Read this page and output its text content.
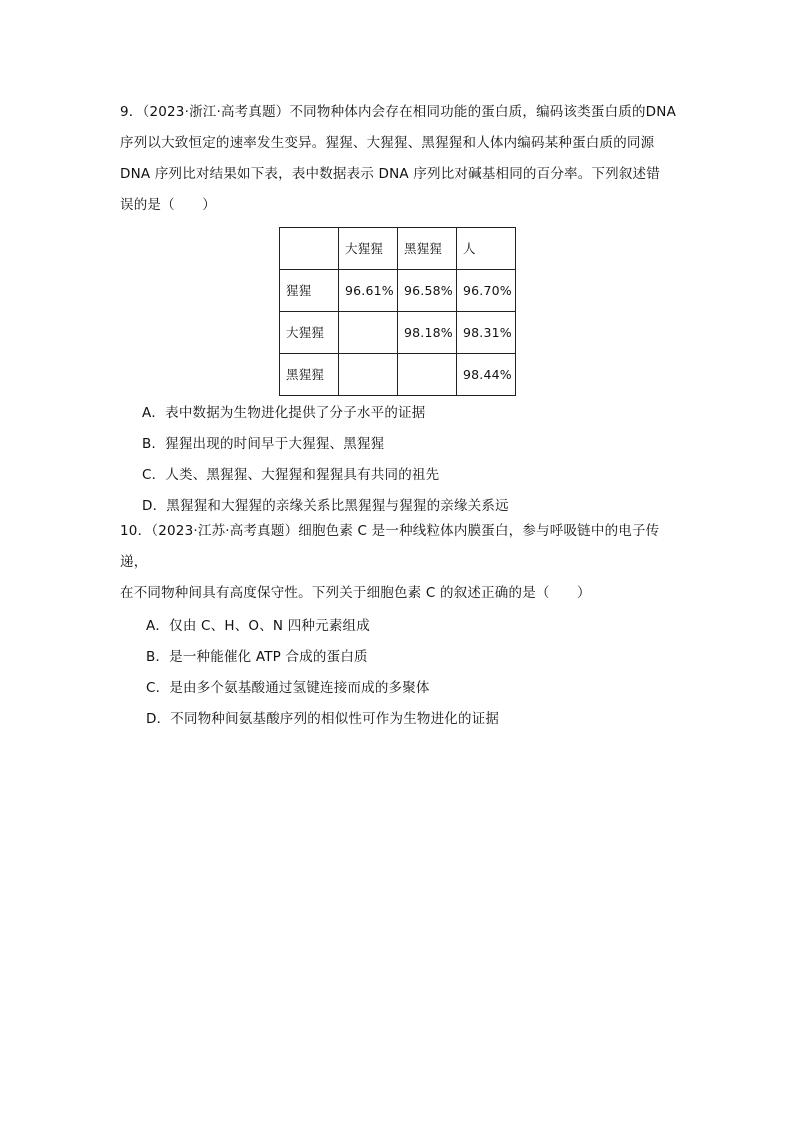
9．（2023·浙江·高考真题）不同物种体内会存在相同功能的蛋白质，编码该类蛋白质的DNA
序列以大致恒定的速率发生变异。猩猩、大猩猩、黑猩猩和人体内编码某种蛋白质的同源
DNA 序列比对结果如下表，表中数据表示 DNA 序列比对碱基相同的百分率。下列叙述错
误的是（　　）
	大猩猩	黑猩猩	人
猩猩	96.61%	96.58%	96.70%
大猩猩		98.18%	98.31%
黑猩猩			98.44%
A．表中数据为生物进化提供了分子水平的证据
B．猩猩出现的时间早于大猩猩、黑猩猩
C．人类、黑猩猩、大猩猩和猩猩具有共同的祖先
D．黑猩猩和大猩猩的亲缘关系比黑猩猩与猩猩的亲缘关系远
10．（2023·江苏·高考真题）细胞色素 C 是一种线粒体内膜蛋白，参与呼吸链中的电子传递，
在不同物种间具有高度保守性。下列关于细胞色素 C 的叙述正确的是（　　）
A．仅由 C、H、O、N 四种元素组成
B．是一种能催化 ATP 合成的蛋白质
C．是由多个氨基酸通过氢键连接而成的多聚体
D．不同物种间氨基酸序列的相似性可作为生物进化的证据
